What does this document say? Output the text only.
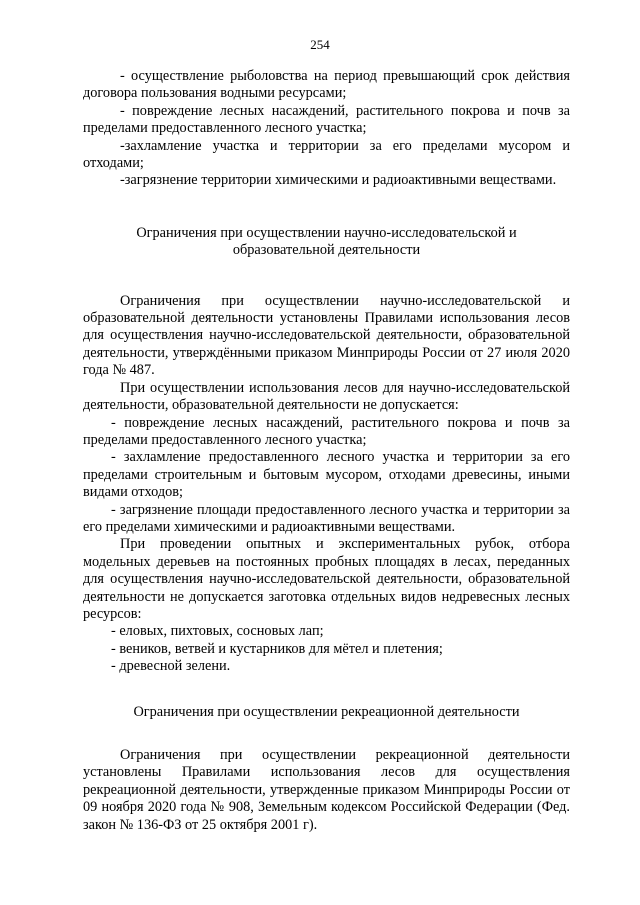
254

- осуществление рыболовства на период превышающий срок действия договора пользования водными ресурсами;

- повреждение лесных насаждений, растительного покрова и почв за пределами предоставленного лесного участка;

-захламление участка и территории за его пределами мусором и отходами;

-загрязнение территории химическими и радиоактивными веществами.

Ограничения при осуществлении научно-исследовательской и

образовательной деятельности

Ограничения при осуществлении научно-исследовательской и образовательной деятельности установлены Правилами использования лесов для осуществления научно-исследовательской деятельности, образовательной деятельности, утверждёнными приказом Минприроды России от 27 июля 2020 года № 487.

При осуществлении использования лесов для научно-исследовательской деятельности, образовательной деятельности не допускается:

- повреждение лесных насаждений, растительного покрова и почв за пределами предоставленного лесного участка;

- захламление предоставленного лесного участка и территории за его пределами строительным и бытовым мусором, отходами древесины, иными видами отходов;

- загрязнение площади предоставленного лесного участка и территории за его пределами химическими и радиоактивными веществами.

При проведении опытных и экспериментальных рубок, отбора модельных деревьев на постоянных пробных площадях в лесах, переданных для осуществления научно-исследовательской деятельности, образовательной деятельности не допускается заготовка отдельных видов недревесных лесных ресурсов:

- еловых, пихтовых, сосновых лап;

- веников, ветвей и кустарников для мётел и плетения;

- древесной зелени.

Ограничения при осуществлении рекреационной деятельности

Ограничения при осуществлении рекреационной деятельности установлены Правилами использования лесов для осуществления рекреационной деятельности, утвержденные приказом Минприроды России от 09 ноября 2020 года № 908, Земельным кодексом Российской Федерации (Фед. закон № 136-ФЗ от 25 октября 2001 г).
